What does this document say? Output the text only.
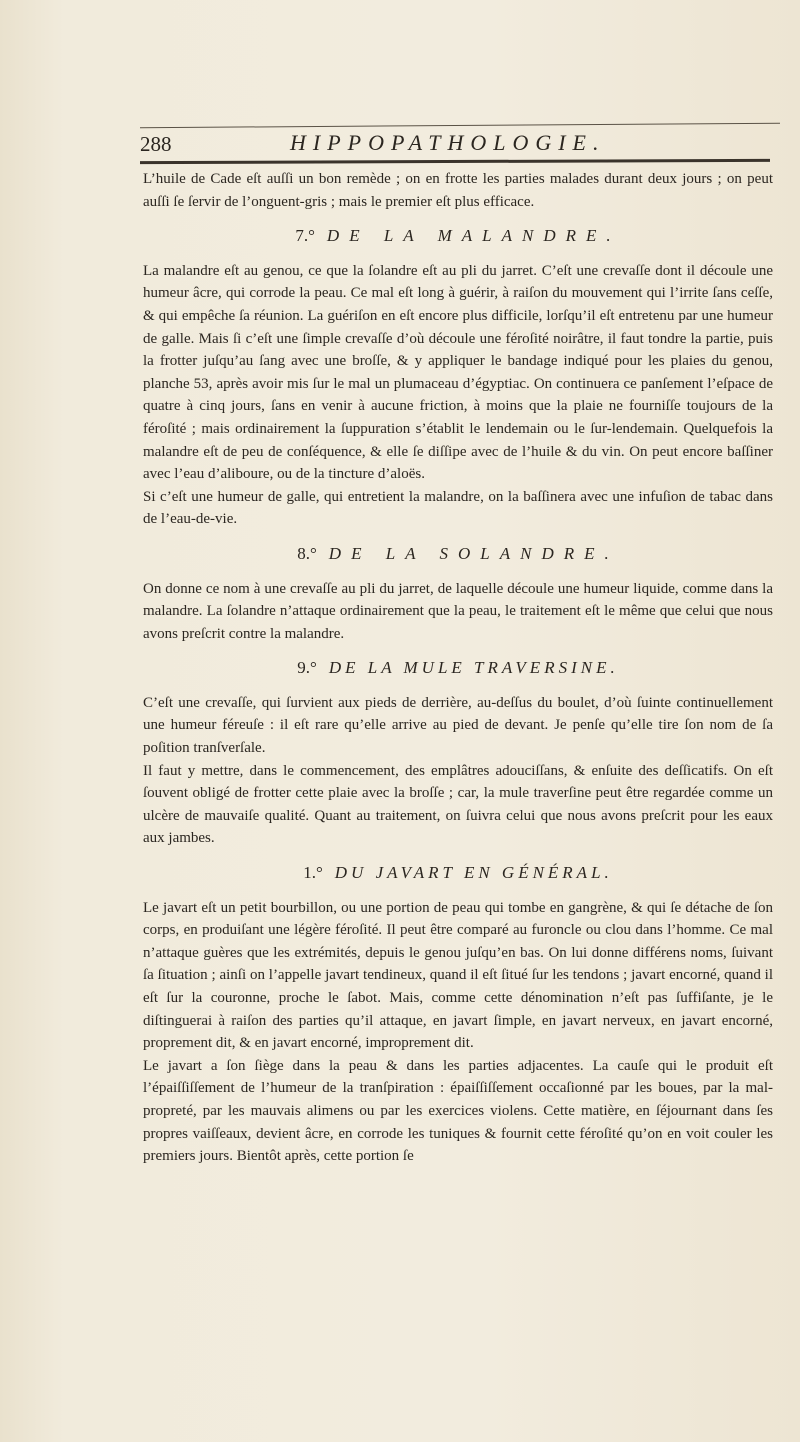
288	HIPPOPATHOLOGIE.

L’huile de Cade eſt auſſi un bon remède ; on en frotte les parties malades durant deux jours ; on peut auſſi ſe ſervir de l’onguent-gris ; mais le premier eſt plus efficace.

7.° DE LA MALANDRE.

La malandre eſt au genou, ce que la ſolandre eſt au pli du jarret. C’eſt une crevaſſe dont il découle une humeur âcre, qui corrode la peau. Ce mal eſt long à guérir, à raiſon du mouvement qui l’irrite ſans ceſſe, & qui empêche ſa réunion. La guériſon en eſt encore plus difficile, lorſqu’il eſt entretenu par une humeur de galle. Mais ſi c’eſt une ſimple crevaſſe d’où découle une féroſité noirâtre, il faut tondre la partie, puis la frotter juſqu’au ſang avec une broſſe, & y appliquer le bandage indiqué pour les plaies du genou, planche 53, après avoir mis ſur le mal un plumaceau d’égyptiac. On continuera ce panſement l’eſpace de quatre à cinq jours, ſans en venir à aucune friction, à moins que la plaie ne fourniſſe toujours de la féroſité ; mais ordinairement la ſuppuration s’établit le lendemain ou le ſur-lendemain. Quelquefois la malandre eſt de peu de conſéquence, & elle ſe diſſipe avec de l’huile & du vin. On peut encore baſſiner avec l’eau d’aliboure, ou de la tincture d’aloës.

Si c’eſt une humeur de galle, qui entretient la malandre, on la baſſinera avec une infuſion de tabac dans de l’eau-de-vie.

8.° DE LA SOLANDRE.

On donne ce nom à une crevaſſe au pli du jarret, de laquelle découle une humeur liquide, comme dans la malandre. La ſolandre n’attaque ordinairement que la peau, le traitement eſt le même que celui que nous avons preſcrit contre la malandre.

9.° DE LA MULE TRAVERSINE.

C’eſt une crevaſſe, qui ſurvient aux pieds de derrière, au-deſſus du boulet, d’où ſuinte continuellement une humeur féreuſe : il eſt rare qu’elle arrive au pied de devant. Je penſe qu’elle tire ſon nom de ſa poſition tranſverſale.

Il faut y mettre, dans le commencement, des emplâtres adouciſſans, & enſuite des deſſicatifs. On eſt ſouvent obligé de frotter cette plaie avec la broſſe ; car, la mule traverſine peut être regardée comme un ulcère de mauvaiſe qualité. Quant au traitement, on ſuivra celui que nous avons preſcrit pour les eaux aux jambes.

1.° DU JAVART EN GÉNÉRAL.

Le javart eſt un petit bourbillon, ou une portion de peau qui tombe en gangrène, & qui ſe détache de ſon corps, en produiſant une légère féroſité. Il peut être comparé au furoncle ou clou dans l’homme. Ce mal n’attaque guères que les extrémités, depuis le genou juſqu’en bas. On lui donne différens noms, ſuivant ſa ſituation ; ainſi on l’appelle javart tendineux, quand il eſt ſitué ſur les tendons ; javart encorné, quand il eſt ſur la couronne, proche le ſabot. Mais, comme cette dénomination n’eſt pas ſuffiſante, je le diſtinguerai à raiſon des parties qu’il attaque, en javart ſimple, en javart nerveux, en javart encorné, proprement dit, & en javart encorné, improprement dit.

Le javart a ſon ſiège dans la peau & dans les parties adjacentes. La cauſe qui le produit eſt l’épaiſſiſſement de l’humeur de la tranſpiration : épaiſſiſſement occaſionné par les boues, par la mal-propreté, par les mauvais alimens ou par les exercices violens. Cette matière, en ſéjournant dans ſes propres vaiſſeaux, devient âcre, en corrode les tuniques & fournit cette féroſité qu’on en voit couler les premiers jours. Bientôt après, cette portion ſe
